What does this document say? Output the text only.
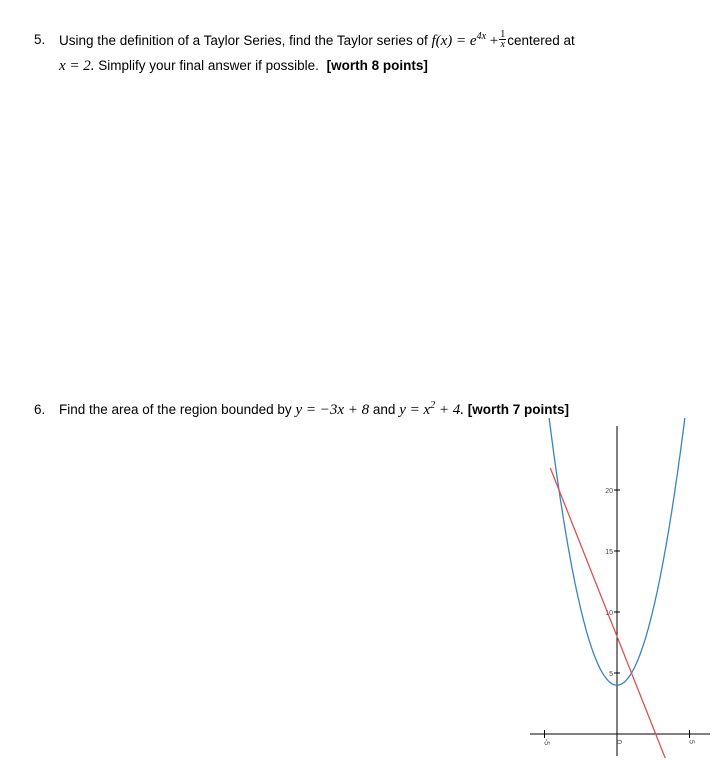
5. Using the definition of a Taylor Series, find the Taylor series of $f(x) = e^{4x} + \frac{1}{x}$ centered at
x = 2. Simplify your final answer if possible. [worth 8 points]
6. Find the area of the region bounded by y = −3x + 8 and $y = x^2 + 4$. [worth 7 points]
-5	0	5
5
10
15
20
